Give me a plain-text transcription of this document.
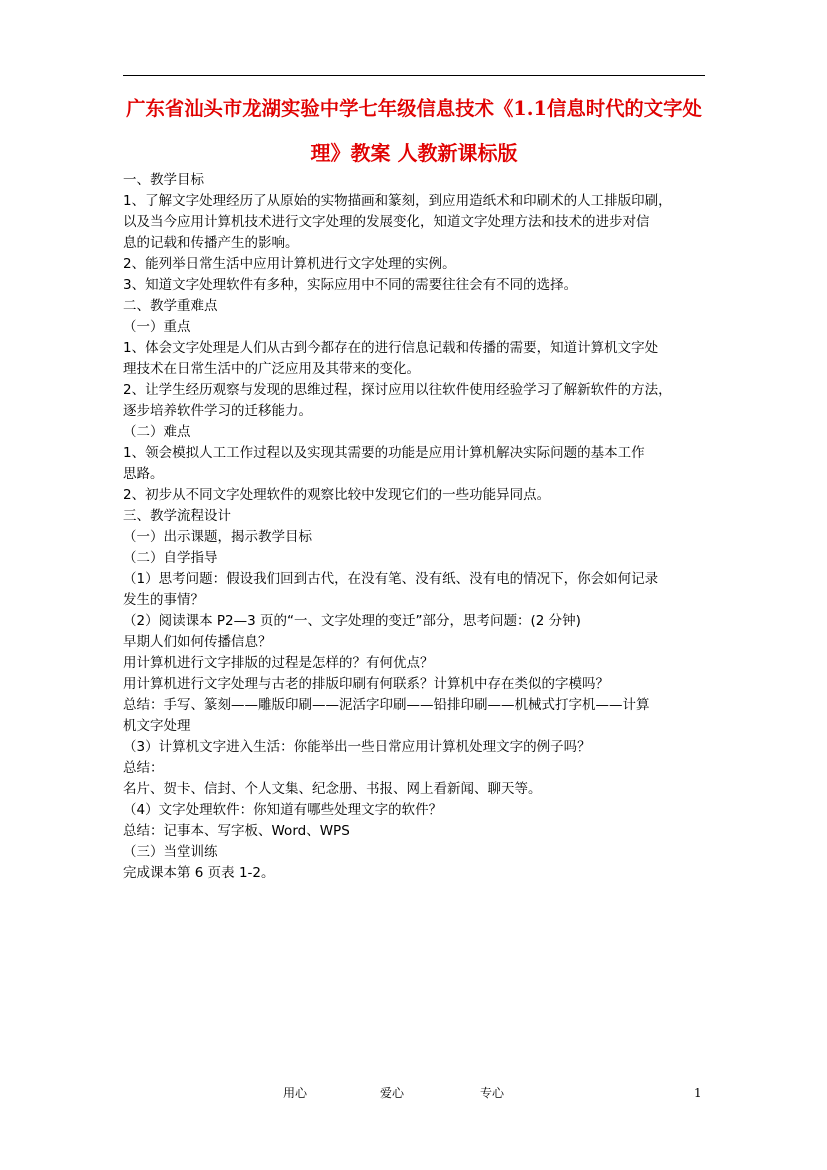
广东省汕头市龙湖实验中学七年级信息技术《1.1信息时代的文字处
理》教案 人教新课标版
一、教学目标
1、了解文字处理经历了从原始的实物描画和篆刻，到应用造纸术和印刷术的人工排版印刷，
以及当今应用计算机技术进行文字处理的发展变化，知道文字处理方法和技术的进步对信
息的记载和传播产生的影响。
2、能列举日常生活中应用计算机进行文字处理的实例。
3、知道文字处理软件有多种，实际应用中不同的需要往往会有不同的选择。
二、教学重难点
（一）重点
1、体会文字处理是人们从古到今都存在的进行信息记载和传播的需要，知道计算机文字处
理技术在日常生活中的广泛应用及其带来的变化。
2、让学生经历观察与发现的思维过程，探讨应用以往软件使用经验学习了解新软件的方法，
逐步培养软件学习的迁移能力。
（二）难点
1、领会模拟人工工作过程以及实现其需要的功能是应用计算机解决实际问题的基本工作
思路。
2、初步从不同文字处理软件的观察比较中发现它们的一些功能异同点。
三、教学流程设计
（一）出示课题，揭示教学目标
（二）自学指导
（1）思考问题：假设我们回到古代，在没有笔、没有纸、没有电的情况下，你会如何记录
发生的事情？
（2）阅读课本 P2—3 页的“一、文字处理的变迁”部分，思考问题：(2 分钟)
早期人们如何传播信息？
用计算机进行文字排版的过程是怎样的？有何优点？
用计算机进行文字处理与古老的排版印刷有何联系？计算机中存在类似的字模吗？
总结：手写、篆刻——雕版印刷——泥活字印刷——铅排印刷——机械式打字机——计算
机文字处理
（3）计算机文字进入生活：你能举出一些日常应用计算机处理文字的例子吗？
总结：
名片、贺卡、信封、个人文集、纪念册、书报、网上看新闻、聊天等。
（4）文字处理软件：你知道有哪些处理文字的软件？
总结：记事本、写字板、Word、WPS
（三）当堂训练
完成课本第 6 页表 1-2。
用心	爱心	专心	1
